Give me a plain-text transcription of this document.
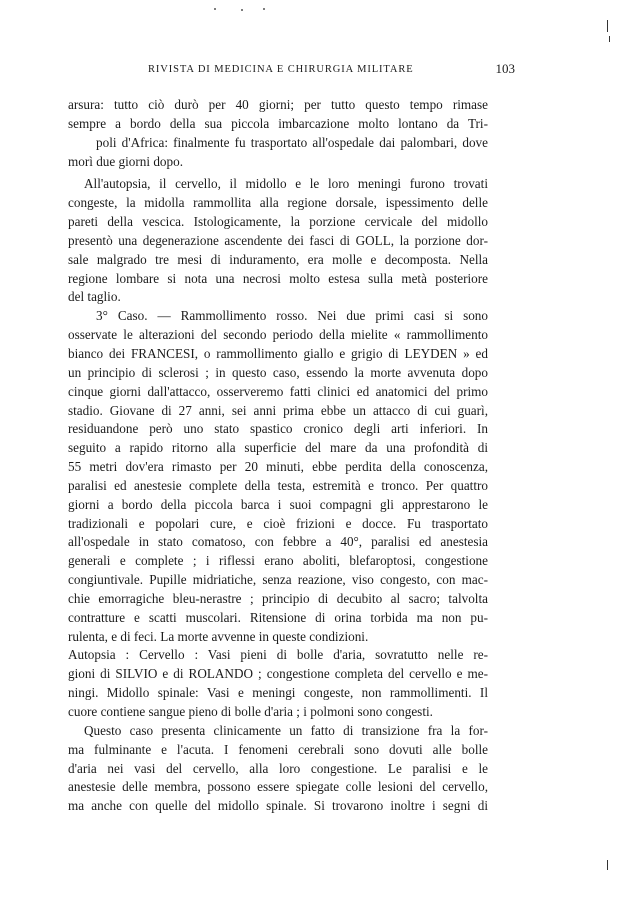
RIVISTA DI MEDICINA E CHIRURGIA MILITARE	103
arsura: tutto ciò durò per 40 giorni; per tutto questo tempo rimase
sempre a bordo della sua piccola imbarcazione molto lontano da Tri-
poli d'Africa: finalmente fu trasportato all'ospedale dai palombari, dove
morì due giorni dopo.
All'autopsia, il cervello, il midollo e le loro meningi furono trovati
congeste, la midolla rammollita alla regione dorsale, ispessimento delle
pareti della vescica. Istologicamente, la porzione cervicale del midollo
presentò una degenerazione ascendente dei fasci di GOLL, la porzione dor-
sale malgrado tre mesi di induramento, era molle e decomposta. Nella
regione lombare si nota una necrosi molto estesa sulla metà posteriore
del taglio.
3° Caso. — Rammollimento rosso. Nei due primi casi si sono
osservate le alterazioni del secondo periodo della mielite « rammollimento
bianco dei FRANCESI, o rammollimento giallo e grigio di LEYDEN » ed
un principio di sclerosi ; in questo caso, essendo la morte avvenuta dopo
cinque giorni dall'attacco, osserveremo fatti clinici ed anatomici del primo
stadio. Giovane di 27 anni, sei anni prima ebbe un attacco di cui guarì,
residuandone però uno stato spastico cronico degli arti inferiori. In
seguito a rapido ritorno alla superficie del mare da una profondità di
55 metri dov'era rimasto per 20 minuti, ebbe perdita della conoscenza,
paralisi ed anestesie complete della testa, estremità e tronco. Per quattro
giorni a bordo della piccola barca i suoi compagni gli apprestarono le
tradizionali e popolari cure, e cioè frizioni e docce. Fu trasportato
all'ospedale in stato comatoso, con febbre a 40°, paralisi ed anestesia
generali e complete ; i riflessi erano aboliti, blefaroptosi, congestione
congiuntivale. Pupille midriatiche, senza reazione, viso congesto, con mac-
chie emorragiche bleu-nerastre ; principio di decubito al sacro; talvolta
contratture e scatti muscolari. Ritensione di orina torbida ma non pu-
rulenta, e di feci. La morte avvenne in queste condizioni.
Autopsia : Cervello : Vasi pieni di bolle d'aria, sovratutto nelle re-
gioni di SILVIO e di ROLANDO ; congestione completa del cervello e me-
ningi. Midollo spinale: Vasi e meningi congeste, non rammollimenti. Il
cuore contiene sangue pieno di bolle d'aria ; i polmoni sono congesti.
Questo caso presenta clinicamente un fatto di transizione fra la for-
ma fulminante e l'acuta. I fenomeni cerebrali sono dovuti alle bolle
d'aria nei vasi del cervello, alla loro congestione. Le paralisi e le
anestesie delle membra, possono essere spiegate colle lesioni del cervello,
ma anche con quelle del midollo spinale. Si trovarono inoltre i segni di
